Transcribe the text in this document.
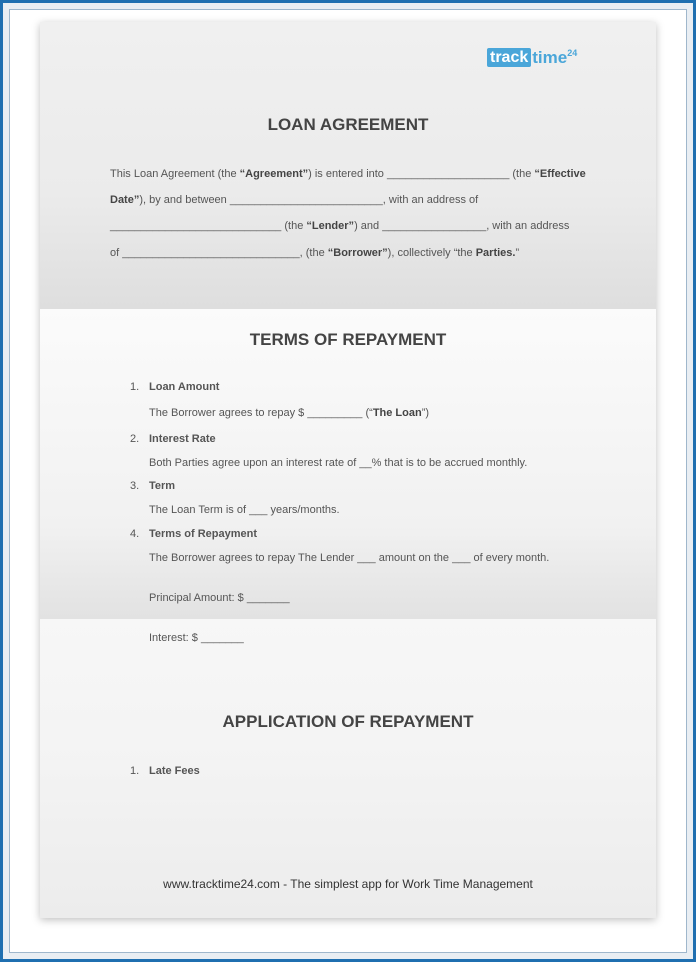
track time 24
LOAN AGREEMENT
This Loan Agreement (the “Agreement”) is entered into ____________________ (the “Effective
Date”), by and between _________________________, with an address of
____________________________ (the “Lender”) and _________________, with an address
of _____________________________, (the “Borrower”), collectively “the Parties.”
TERMS OF REPAYMENT
1. Loan Amount
The Borrower agrees to repay $ _________ (“The Loan”)
2. Interest Rate
Both Parties agree upon an interest rate of __% that is to be accrued monthly.
3. Term
The Loan Term is of ___ years/months.
4. Terms of Repayment
The Borrower agrees to repay The Lender ___ amount on the ___ of every month.
Principal Amount: $ _______
Interest: $ _______
APPLICATION OF REPAYMENT
1. Late Fees
www.tracktime24.com - The simplest app for Work Time Management
